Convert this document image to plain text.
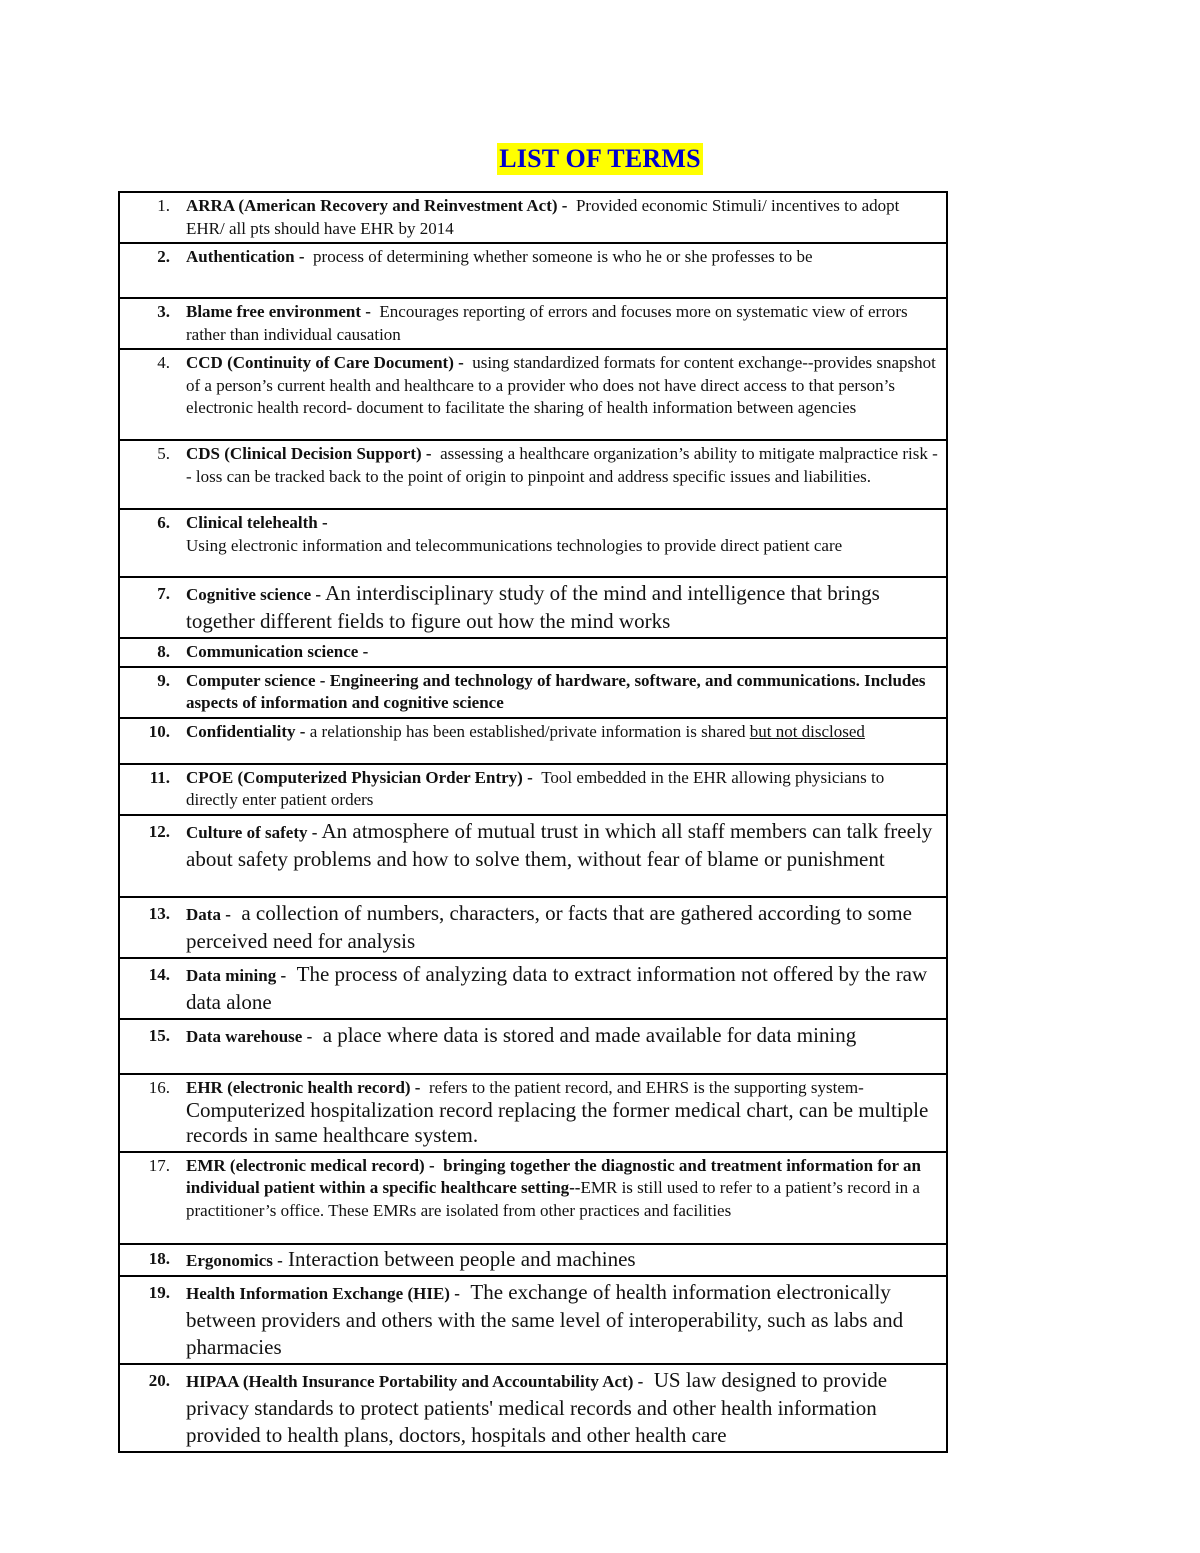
LIST OF TERMS
1. ARRA (American Recovery and Reinvestment Act) - Provided economic Stimuli/ incentives to adopt EHR/ all pts should have EHR by 2014

2. Authentication - process of determining whether someone is who he or she professes to be

3. Blame free environment - Encourages reporting of errors and focuses more on systematic view of errors rather than individual causation

4. CCD (Continuity of Care Document) - using standardized formats for content exchange--provides snapshot of a person’s current health and healthcare to a provider who does not have direct access to that person’s electronic health record- document to facilitate the sharing of health information between agencies

5. CDS (Clinical Decision Support) - assessing a healthcare organization’s ability to mitigate malpractice risk -- loss can be tracked back to the point of origin to pinpoint and address specific issues and liabilities.

6. Clinical telehealth -
Using electronic information and telecommunications technologies to provide direct patient care

7. Cognitive science - An interdisciplinary study of the mind and intelligence that brings together different fields to figure out how the mind works

8. Communication science -

9. Computer science - Engineering and technology of hardware, software, and communications. Includes aspects of information and cognitive science

10. Confidentiality - a relationship has been established/private information is shared but not disclosed

11. CPOE (Computerized Physician Order Entry) - Tool embedded in the EHR allowing physicians to directly enter patient orders

12. Culture of safety - An atmosphere of mutual trust in which all staff members can talk freely about safety problems and how to solve them, without fear of blame or punishment

13. Data - a collection of numbers, characters, or facts that are gathered according to some perceived need for analysis

14. Data mining - The process of analyzing data to extract information not offered by the raw data alone

15. Data warehouse - a place where data is stored and made available for data mining

16. EHR (electronic health record) - refers to the patient record, and EHRS is the supporting system- Computerized hospitalization record replacing the former medical chart, can be multiple records in same healthcare system.

17. EMR (electronic medical record) - bringing together the diagnostic and treatment information for an individual patient within a specific healthcare setting--EMR is still used to refer to a patient’s record in a practitioner’s office. These EMRs are isolated from other practices and facilities

18. Ergonomics - Interaction between people and machines

19. Health Information Exchange (HIE) - The exchange of health information electronically between providers and others with the same level of interoperability, such as labs and pharmacies

20. HIPAA (Health Insurance Portability and Accountability Act) - US law designed to provide privacy standards to protect patients' medical records and other health information provided to health plans, doctors, hospitals and other health care
